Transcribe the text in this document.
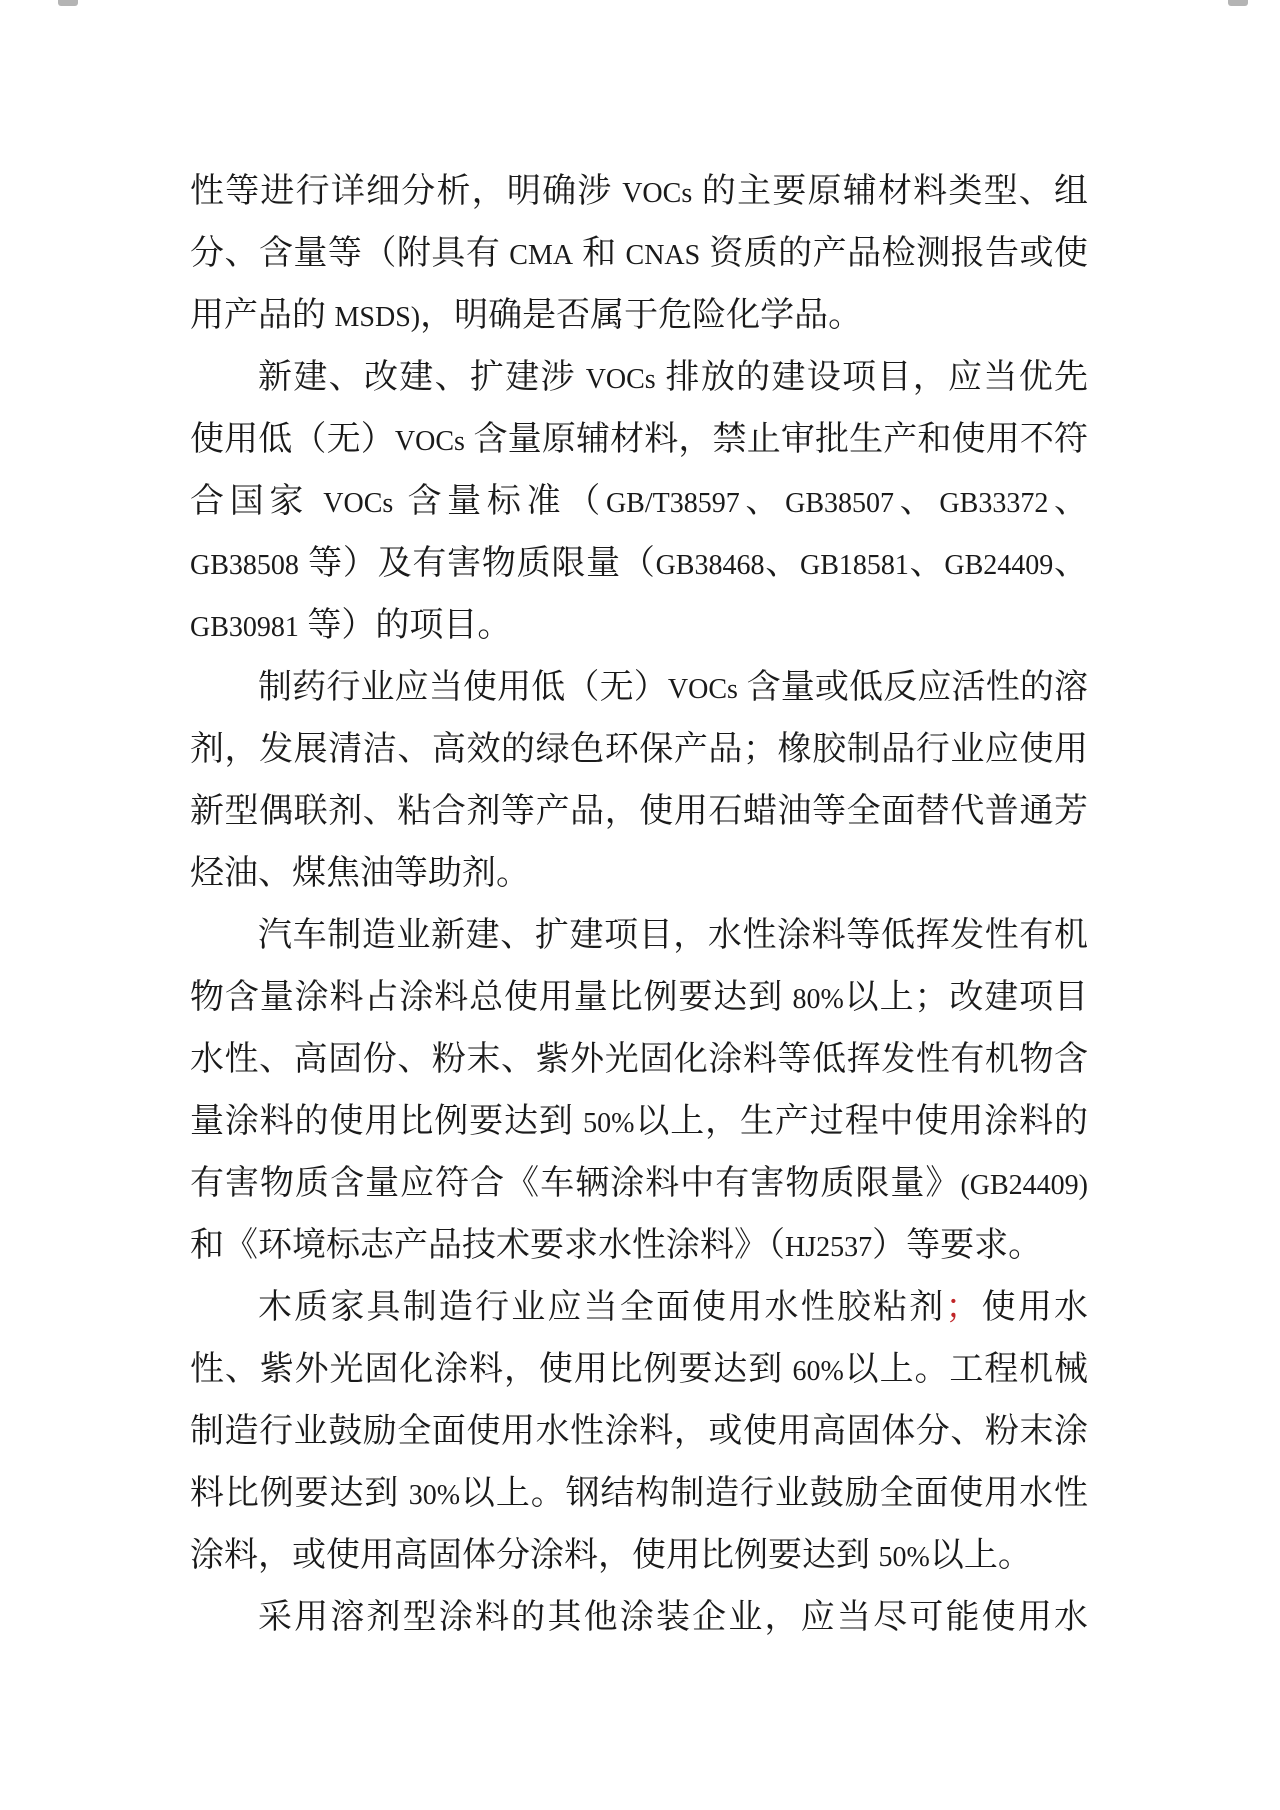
性等进行详细分析，明确涉 VOCs 的主要原辅材料类型、组
分、含量等（附具有 CMA 和 CNAS 资质的产品检测报告或使
用产品的 MSDS)，明确是否属于危险化学品。
新建、改建、扩建涉 VOCs 排放的建设项目，应当优先
使用低（无）VOCs 含量原辅材料，禁止审批生产和使用不符
合国家 VOCs 含量标准（GB/T38597、GB38507、GB33372、
GB38508 等）及有害物质限量（GB38468、GB18581、GB24409、
GB30981 等）的项目。
制药行业应当使用低（无）VOCs 含量或低反应活性的溶
剂，发展清洁、高效的绿色环保产品；橡胶制品行业应使用
新型偶联剂、粘合剂等产品，使用石蜡油等全面替代普通芳
烃油、煤焦油等助剂。
汽车制造业新建、扩建项目，水性涂料等低挥发性有机
物含量涂料占涂料总使用量比例要达到 80%以上；改建项目
水性、高固份、粉末、紫外光固化涂料等低挥发性有机物含
量涂料的使用比例要达到 50%以上，生产过程中使用涂料的
有害物质含量应符合《车辆涂料中有害物质限量》(GB24409)
和《环境标志产品技术要求水性涂料》（HJ2537）等要求。
木质家具制造行业应当全面使用水性胶粘剂；使用水
性、紫外光固化涂料，使用比例要达到 60%以上。工程机械
制造行业鼓励全面使用水性涂料，或使用高固体分、粉末涂
料比例要达到 30%以上。钢结构制造行业鼓励全面使用水性
涂料，或使用高固体分涂料，使用比例要达到 50%以上。
采用溶剂型涂料的其他涂装企业，应当尽可能使用水
